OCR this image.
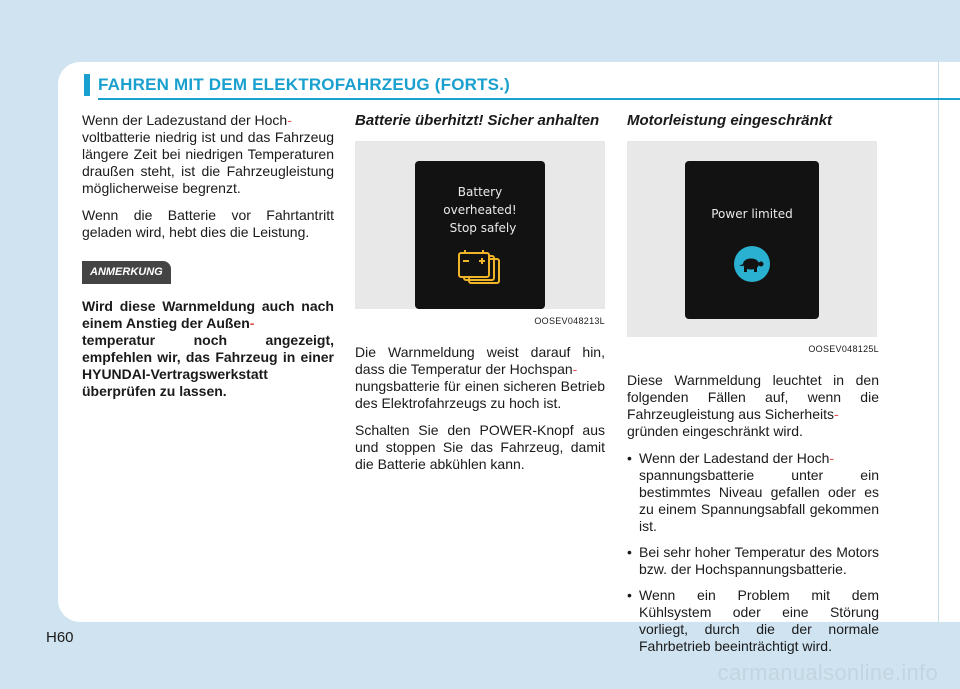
FAHREN MIT DEM ELEKTROFAHRZEUG (FORTS.)

Wenn der Ladezustand der Hoch-
voltbatterie niedrig ist und das Fahrzeug längere Zeit bei niedrigen Temperaturen draußen steht, ist die Fahrzeugleistung möglicherweise begrenzt.

Wenn die Batterie vor Fahrtantritt geladen wird, hebt dies die Leistung.

ANMERKUNG
Wird diese Warnmeldung auch nach einem Anstieg der Außen-
temperatur noch angezeigt, empfehlen wir, das Fahrzeug in einer HYUNDAI-Vertragswerkstatt überprüfen zu lassen.
Batterie überhitzt! Sicher anhalten
Battery
overheated!
Stop safely
OOSEV048213L

Die Warnmeldung weist darauf hin, dass die Temperatur der Hochspan-
nungsbatterie für einen sicheren Betrieb des Elektrofahrzeugs zu hoch ist.

Schalten Sie den POWER-Knopf aus und stoppen Sie das Fahrzeug, damit die Batterie abkühlen kann.

Motorleistung eingeschränkt
Power limited
OOSEV048125L

Diese Warnmeldung leuchtet in den folgenden Fällen auf, wenn die Fahrzeugleistung aus Sicherheits-
gründen eingeschränkt wird.

• Wenn der Ladestand der Hoch-
spannungsbatterie unter ein bestimmtes Niveau gefallen oder es zu einem Spannungsabfall gekommen ist.
• Bei sehr hoher Temperatur des Motors bzw. der Hochspannungsbatterie.
• Wenn ein Problem mit dem Kühlsystem oder eine Störung vorliegt, durch die der normale Fahrbetrieb beeinträchtigt wird.
H60
carmanualsonline.info
